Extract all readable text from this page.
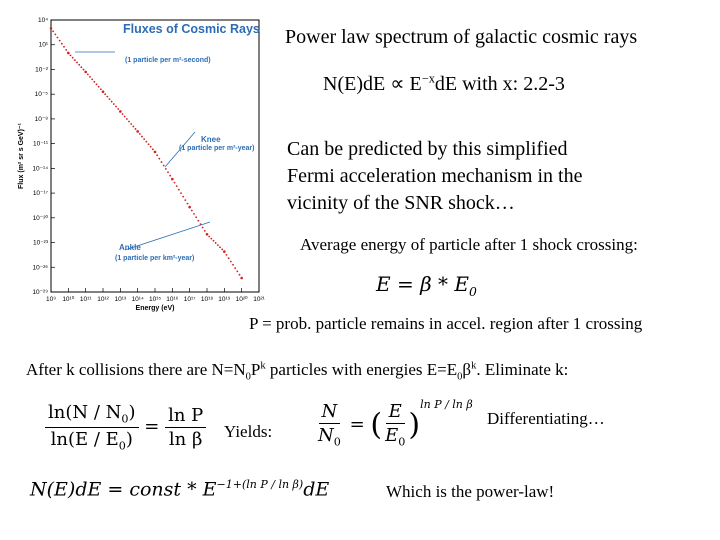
10⁴
10¹
10⁻²
10⁻⁵
10⁻⁸
10⁻¹¹
10⁻¹⁴
10⁻¹⁷
10⁻²⁰
10⁻²³
10⁻²⁶
10⁻²⁹
10⁹ 10¹⁰ 10¹¹ 10¹² 10¹³ 10¹⁴ 10¹⁵ 10¹⁶ 10¹⁷ 10¹⁸ 10¹⁹ 10²⁰ 10²¹
(1 particle per m²-second)
Knee
(1 particle per m²-year)
Ankle
(1 particle per km²-year)
Energy (eV)
Flux (m² sr s GeV)⁻¹
Fluxes of Cosmic Rays Power law spectrum of galactic cosmic rays
$N(E)dE \propto E^{-x}dE$ with x: 2.2-3
Can be predicted by this simplified
Fermi acceleration mechanism in the
vicinity of the SNR shock…
Average energy of particle after 1 shock crossing:
$E = \beta * E_0$
P = prob. particle remains in accel. region after 1 crossing
After k collisions there are $N=N_0P^k$ particles with energies $E=E_0\beta^k$. Eliminate k:
$\frac{\ln(N / N_0)}{\ln(E / E_0)} = \frac{\text{ln P}}{\text{ln β}}$ Yields: $\frac{N}{N_0}$ = ( $\frac{E}{E_0} )^{ln P / ln \beta}$
Differentiating…
N(E)dE = const * $E^{-1+(ln P / ln \beta)}dE$	Which is the power-law!
